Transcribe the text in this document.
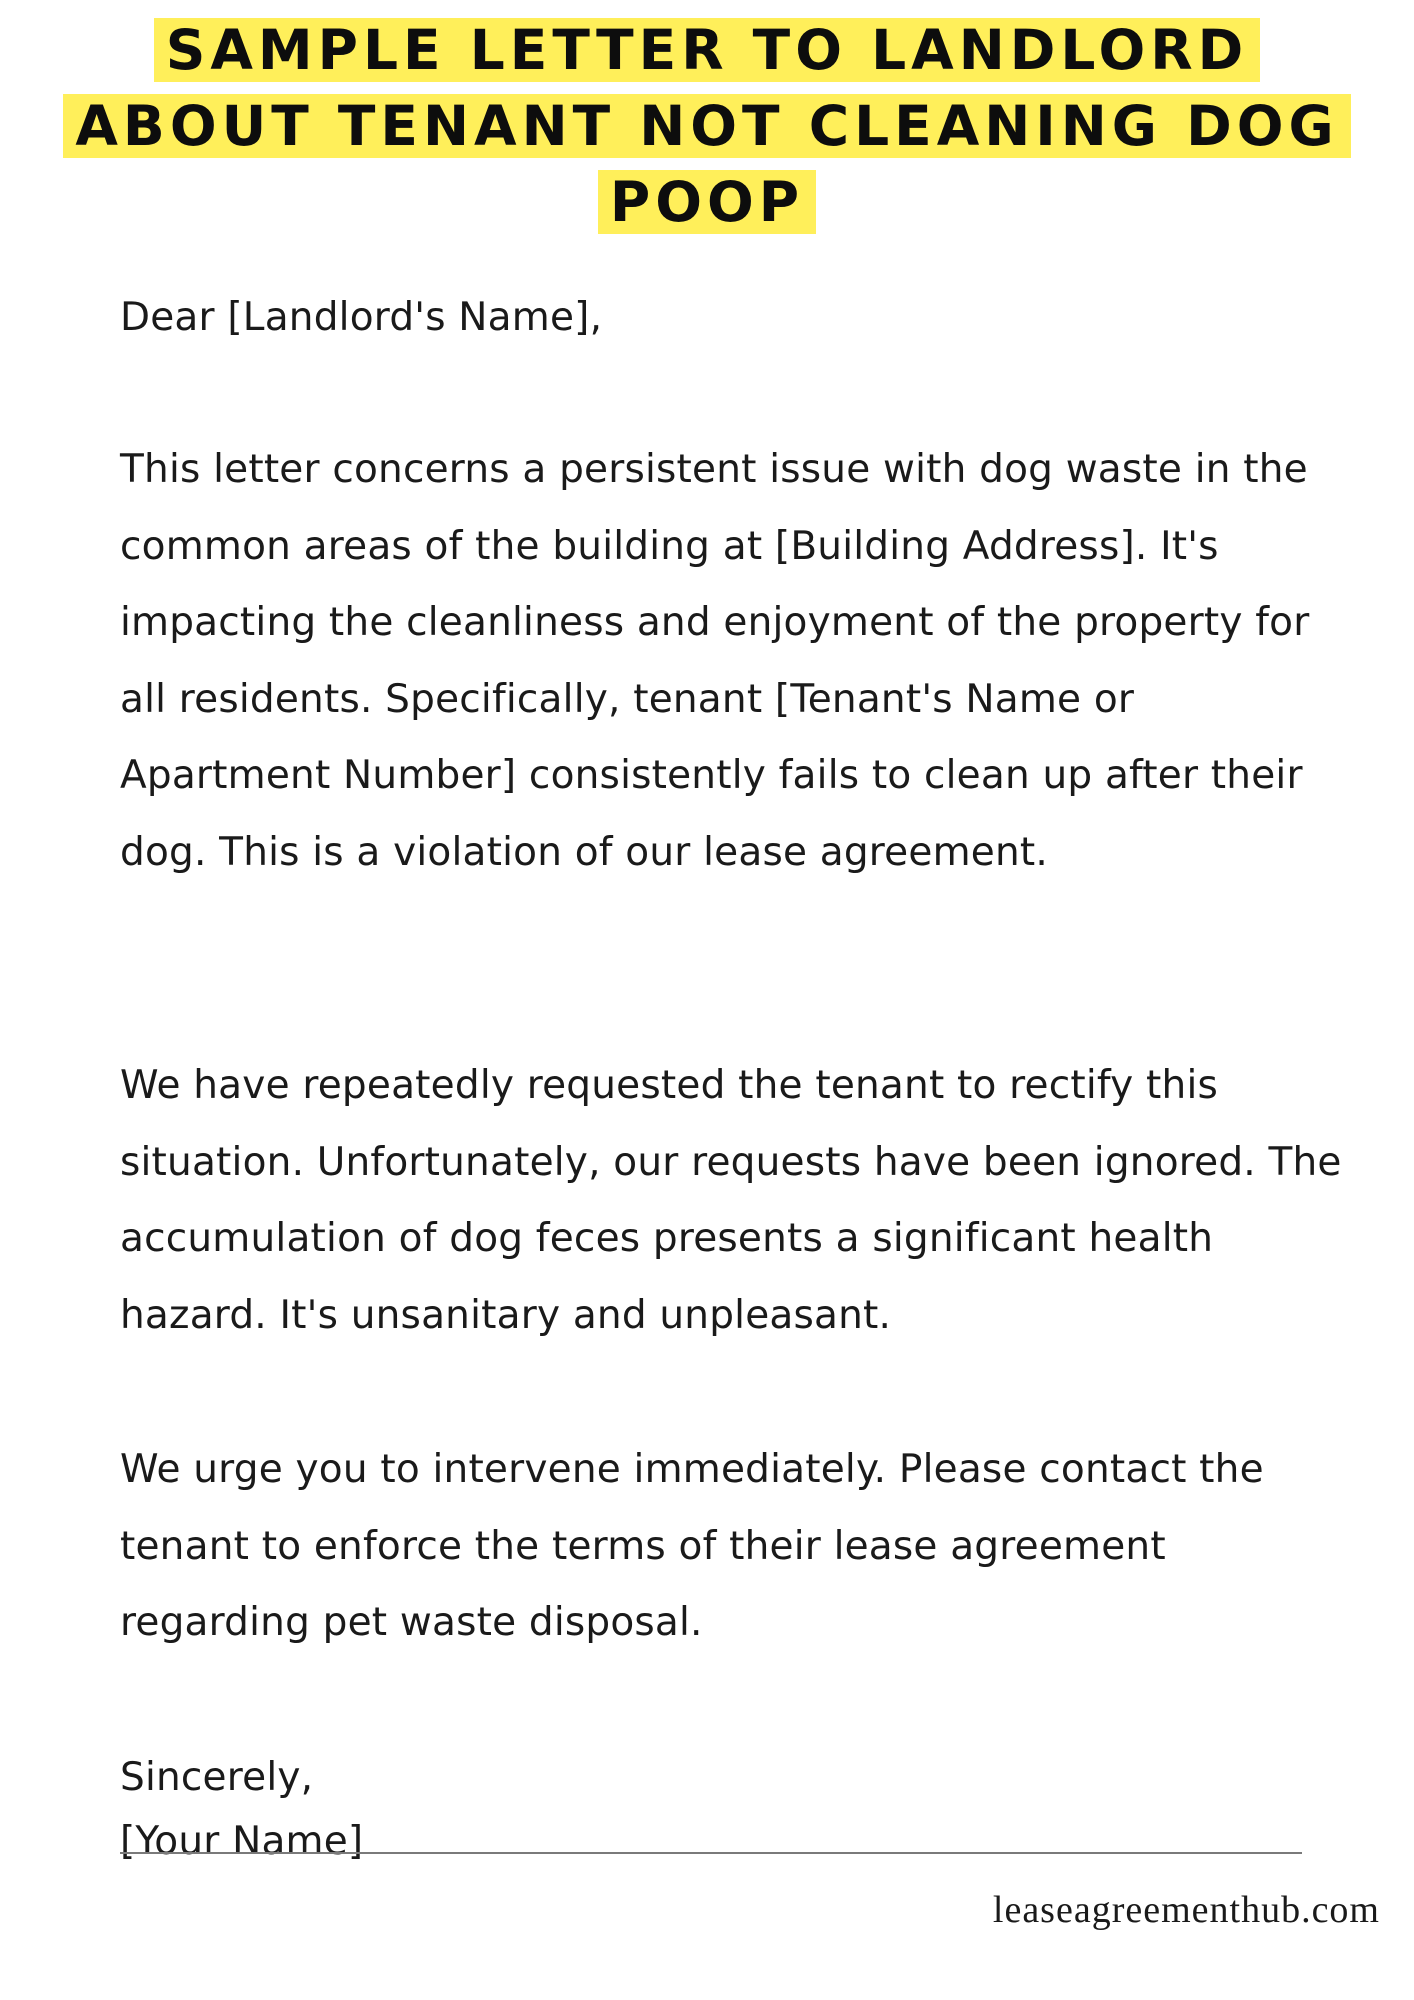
SAMPLE LETTER TO LANDLORD
ABOUT TENANT NOT CLEANING DOG
POOP
Dear [Landlord's Name],

This letter concerns a persistent issue with dog waste in the common areas of the building at [Building Address]. It's impacting the cleanliness and enjoyment of the property for all residents. Specifically, tenant [Tenant's Name or Apartment Number] consistently fails to clean up after their dog. This is a violation of our lease agreement.

We have repeatedly requested the tenant to rectify this situation. Unfortunately, our requests have been ignored. The accumulation of dog feces presents a significant health hazard. It's unsanitary and unpleasant.

We urge you to intervene immediately. Please contact the tenant to enforce the terms of their lease agreement regarding pet waste disposal.

Sincerely,
[Your Name]
leaseagreementhub.com
